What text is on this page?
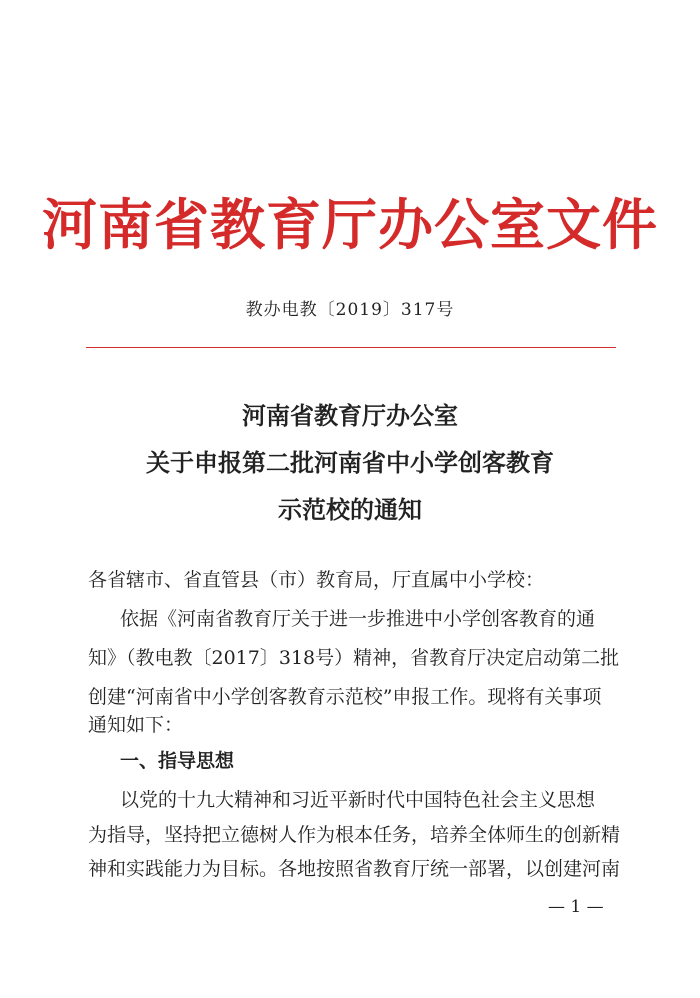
河南省教育厅办公室文件
教办电教〔2019〕317号
河南省教育厅办公室
关于申报第二批河南省中小学创客教育
示范校的通知
各省辖市、省直管县（市）教育局，厅直属中小学校：
依据《河南省教育厅关于进一步推进中小学创客教育的通
知》（教电教〔2017〕318号）精神，省教育厅决定启动第二批
创建“河南省中小学创客教育示范校”申报工作。现将有关事项
通知如下：
一、指导思想
以党的十九大精神和习近平新时代中国特色社会主义思想
为指导，坚持把立德树人作为根本任务，培养全体师生的创新精
神和实践能力为目标。各地按照省教育厅统一部署，以创建河南
— 1 —
